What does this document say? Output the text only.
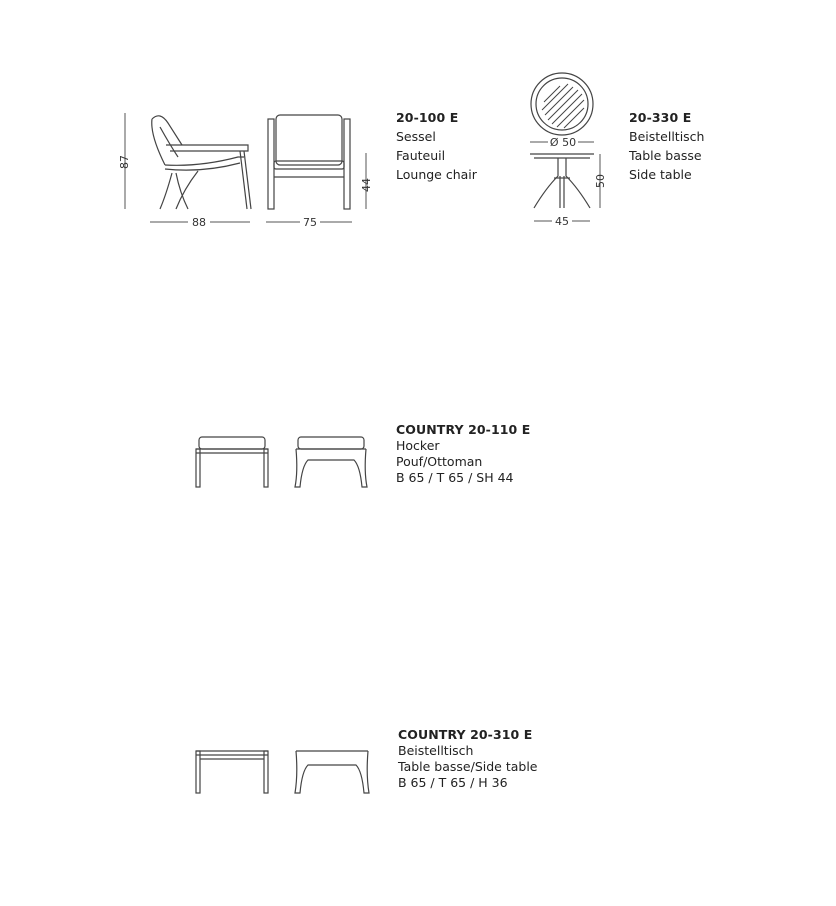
87
88
44
75
20-100 E
Sessel
Fauteuil
Lounge chair
Ø 50
50
45
20-330 E
Beistelltisch
Table basse
Side table
COUNTRY 20-110 E
Hocker
Pouf/Ottoman
B 65 / T 65 / SH 44
COUNTRY 20-310 E
Beistelltisch
Table basse/Side table
B 65 / T 65 / H 36
